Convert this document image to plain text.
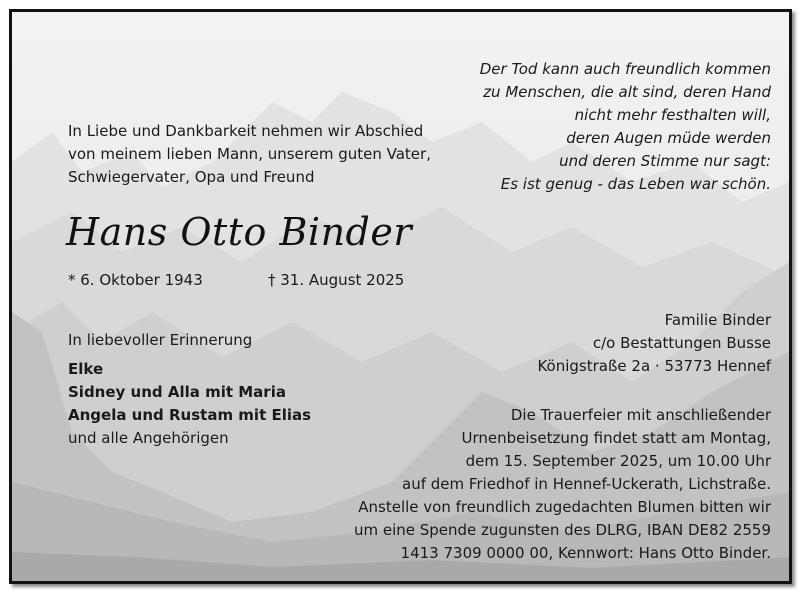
Der Tod kann auch freundlich kommen
zu Menschen, die alt sind, deren Hand
nicht mehr festhalten will,
deren Augen müde werden
und deren Stimme nur sagt:
Es ist genug - das Leben war schön.
In Liebe und Dankbarkeit nehmen wir Abschied
von meinem lieben Mann, unserem guten Vater,
Schwiegervater, Opa und Freund
Hans Otto Binder
* 6. Oktober 1943	† 31. August 2025
In liebevoller Erinnerung
Elke
Sidney und Alla mit Maria
Angela und Rustam mit Elias
und alle Angehörigen
Familie Binder
c/o Bestattungen Busse
Königstraße 2a · 53773 Hennef
Die Trauerfeier mit anschließender
Urnenbeisetzung findet statt am Montag,
dem 15. September 2025, um 10.00 Uhr
auf dem Friedhof in Hennef-Uckerath, Lichstraße.
Anstelle von freundlich zugedachten Blumen bitten wir
um eine Spende zugunsten des DLRG, IBAN DE82 2559
1413 7309 0000 00, Kennwort: Hans Otto Binder.
